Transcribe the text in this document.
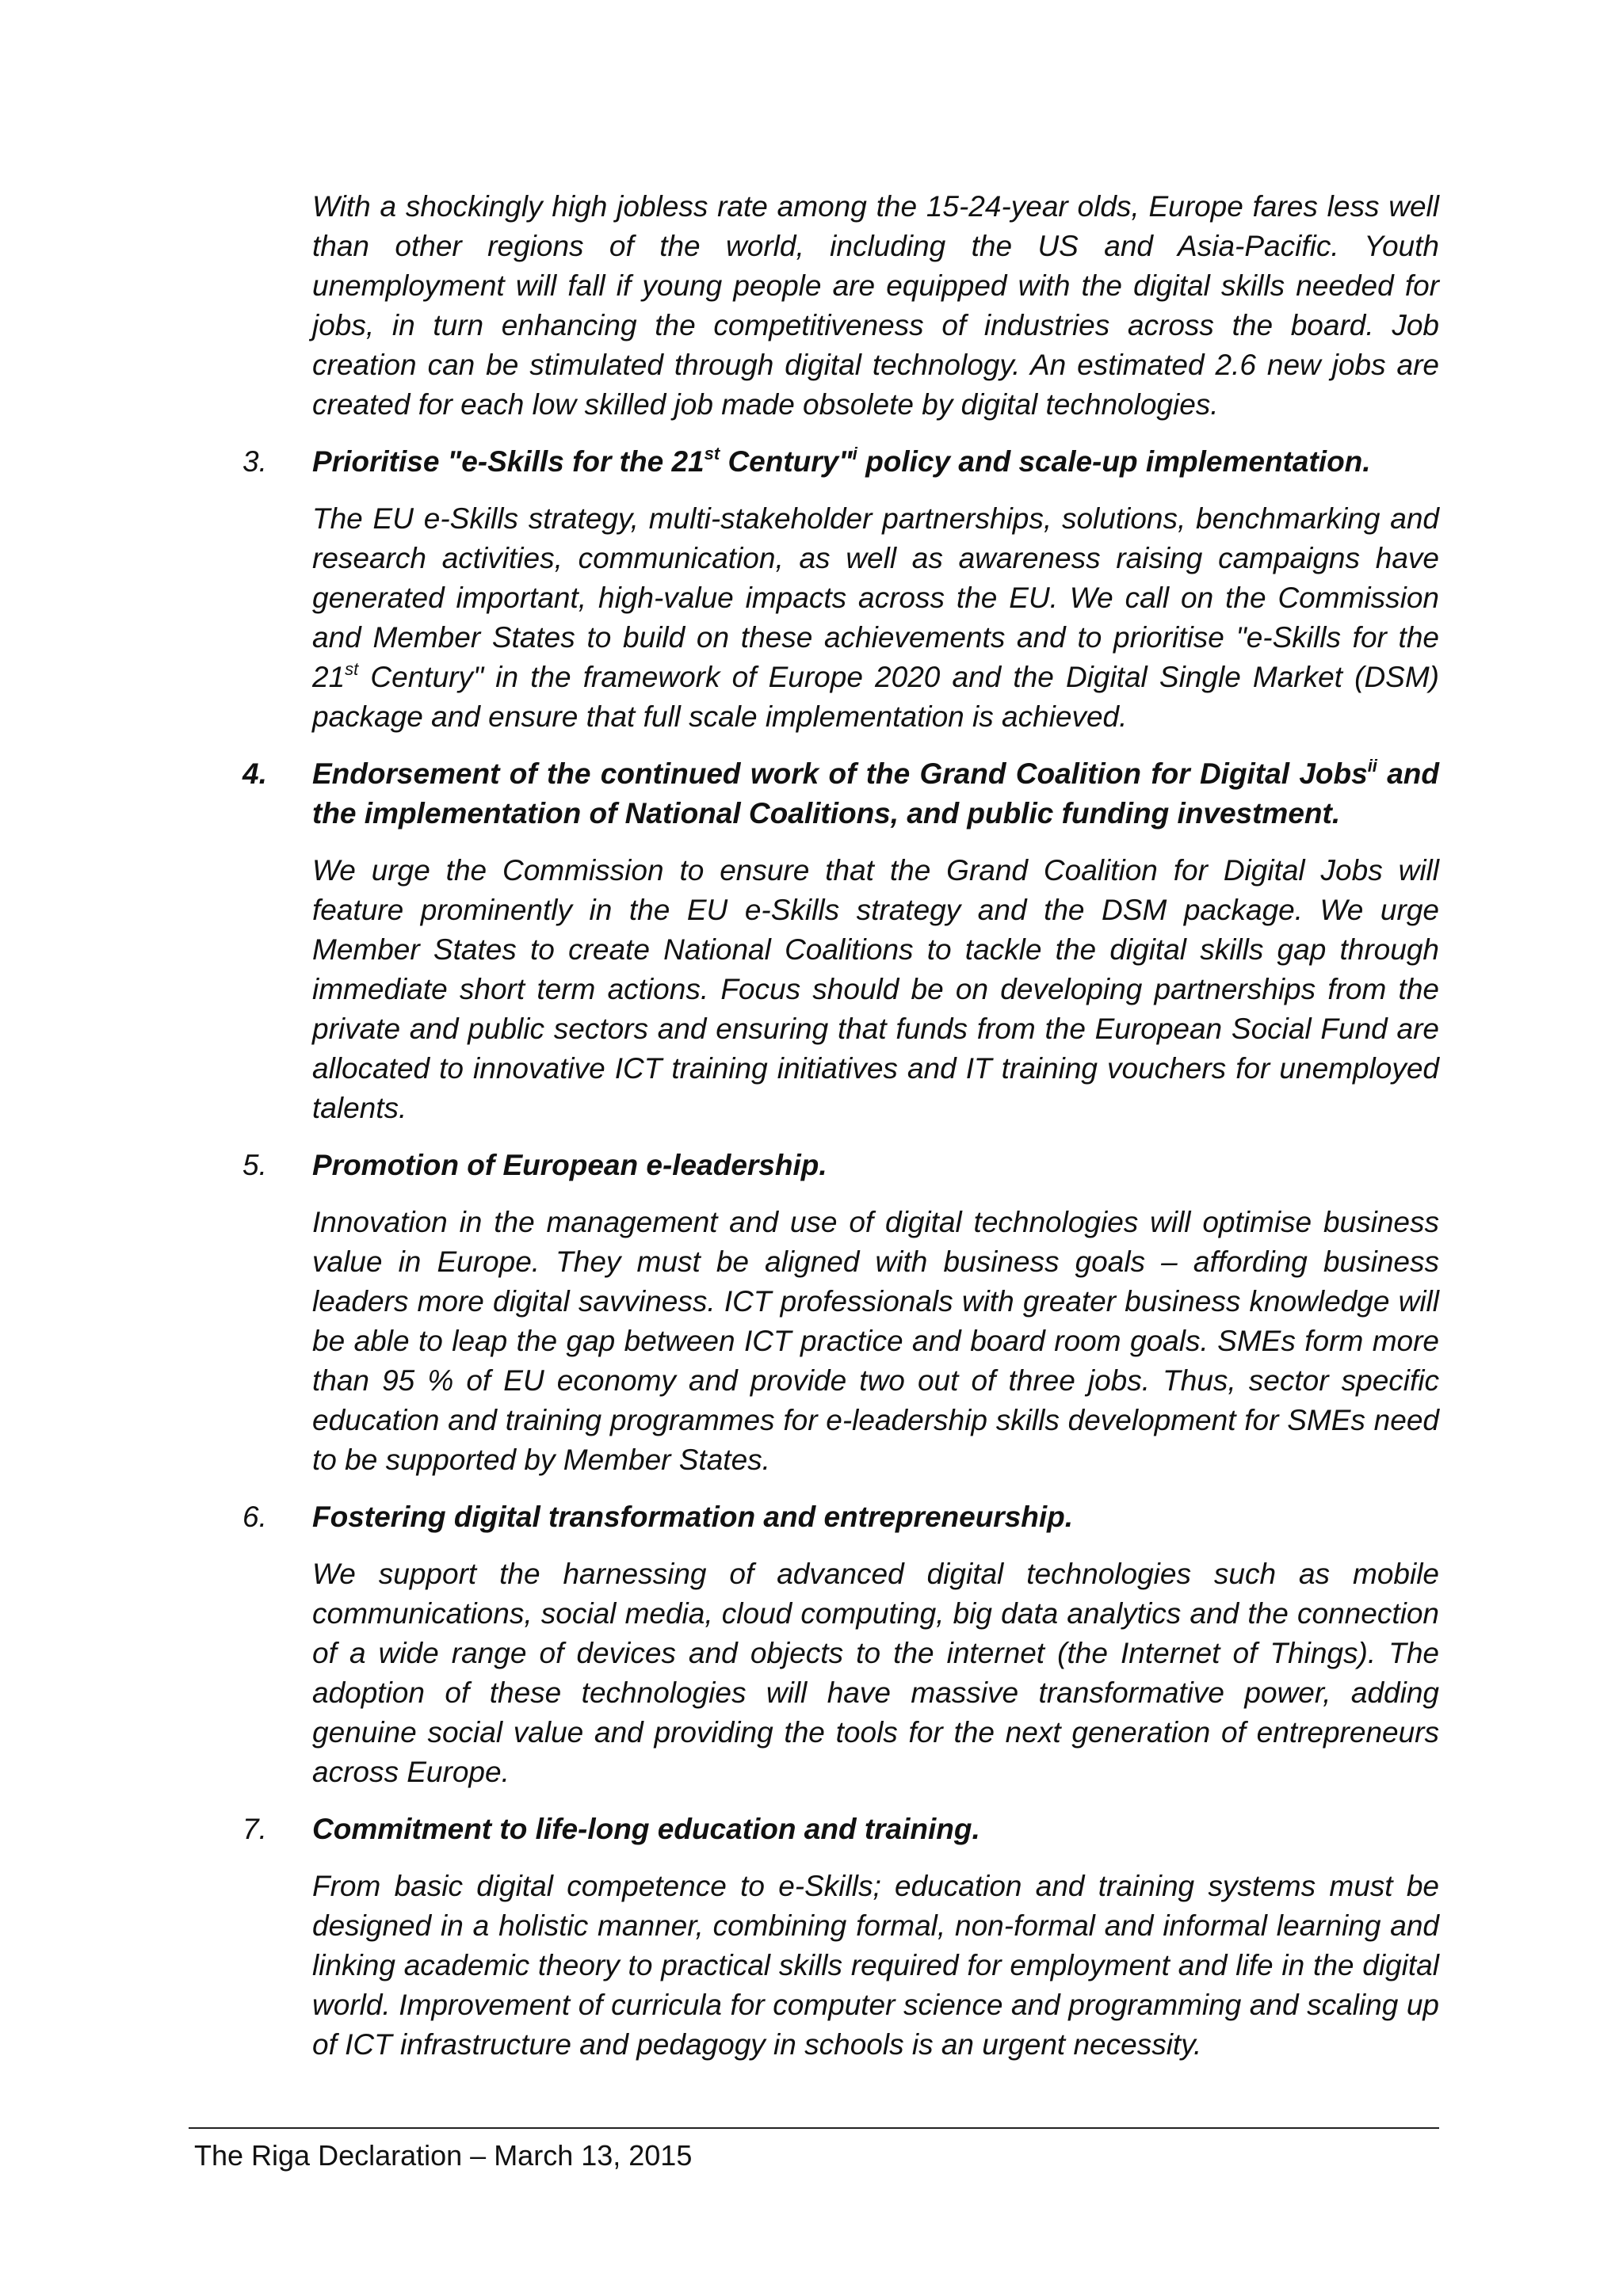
With a shockingly high jobless rate among the 15-24-year olds, Europe fares less well than other regions of the world, including the US and Asia-Pacific. Youth unemployment will fall if young people are equipped with the digital skills needed for jobs, in turn enhancing the competitiveness of industries across the board. Job creation can be stimulated through digital technology. An estimated 2.6 new jobs are created for each low skilled job made obsolete by digital technologies.

3.	Prioritise "e-Skills for the 21st Century"$^i$ policy and scale-up implementation.

The EU e-Skills strategy, multi-stakeholder partnerships, solutions, benchmarking and research activities, communication, as well as awareness raising campaigns have generated important, high-value impacts across the EU. We call on the Commission and Member States to build on these achievements and to prioritise "e-Skills for the 21st Century" in the framework of Europe 2020 and the Digital Single Market (DSM) package and ensure that full scale implementation is achieved.

4.	Endorsement of the continued work of the Grand Coalition for Digital Jobs$^{ii}$ and the implementation of National Coalitions, and public funding investment.

We urge the Commission to ensure that the Grand Coalition for Digital Jobs will feature prominently in the EU e-Skills strategy and the DSM package. We urge Member States to create National Coalitions to tackle the digital skills gap through immediate short term actions. Focus should be on developing partnerships from the private and public sectors and ensuring that funds from the European Social Fund are allocated to innovative ICT training initiatives and IT training vouchers for unemployed talents.

5.	Promotion of European e-leadership.

Innovation in the management and use of digital technologies will optimise business value in Europe. They must be aligned with business goals – affording business leaders more digital savviness. ICT professionals with greater business knowledge will be able to leap the gap between ICT practice and board room goals. SMEs form more than 95 % of EU economy and provide two out of three jobs. Thus, sector specific education and training programmes for e-leadership skills development for SMEs need to be supported by Member States.

6.	Fostering digital transformation and entrepreneurship.

We support the harnessing of advanced digital technologies such as mobile communications, social media, cloud computing, big data analytics and the connection of a wide range of devices and objects to the internet (the Internet of Things). The adoption of these technologies will have massive transformative power, adding genuine social value and providing the tools for the next generation of entrepreneurs across Europe.

7.	Commitment to life-long education and training.

From basic digital competence to e-Skills; education and training systems must be designed in a holistic manner, combining formal, non-formal and informal learning and linking academic theory to practical skills required for employment and life in the digital world. Improvement of curricula for computer science and programming and scaling up of ICT infrastructure and pedagogy in schools is an urgent necessity.

The Riga Declaration – March 13, 2015
